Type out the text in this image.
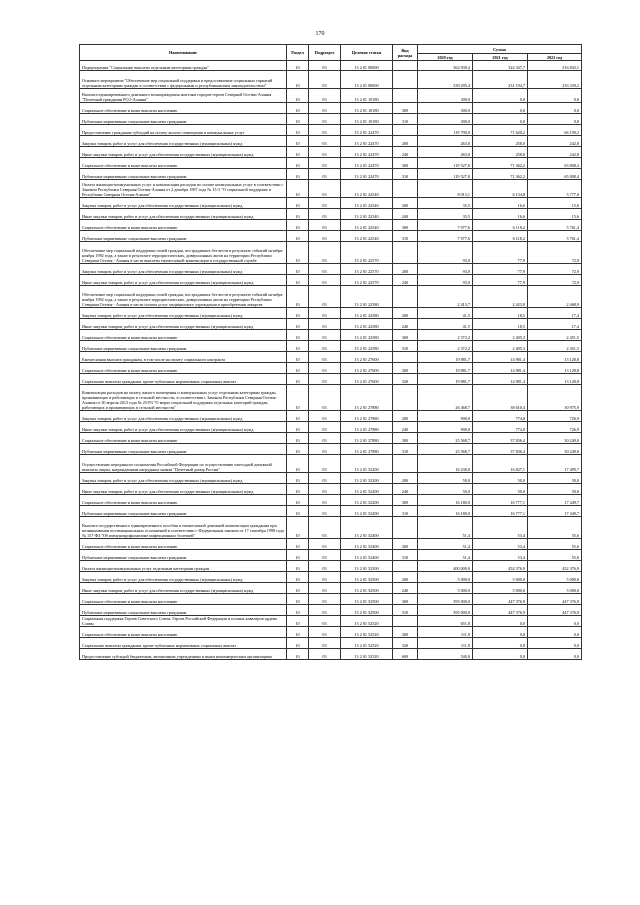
170
Наименование	Раздел	Подраздел	Целевая статья	Вид расхода	Сумма		
					2020 год	2021 год	2022 год
Подпрограмма "Социальные выплаты отдельным категориям граждан"	10	03	13 2 01 00000		362 938,4	324 347,7	316 843,1
Основное мероприятие "Обеспечение мер социальной поддержки и предоставление социальных гарантий отдельным категориям граждан в соответствии с федеральным и республиканским законодательством"	10	03	13 2 01 00000		339 295,4	231 194,7	233 339,2
Выплата единовременного денежного вознаграждения жителям городов-героев Северной Осетии-Алания "Почетный гражданин РСО-Алания"	10	03	13 2 01 10180		300,0	0,0	0,0
Социальное обеспечение и иные выплаты населению	10	03	13 2 01 10180	300	300,0	0,0	0,0
Публичные нормативные социальные выплаты гражданам	10	03	13 2 01 10180	310	300,0	0,0	0,0
Предоставление гражданам субсидий на оплату жилого помещения и коммунальных услуг	10	03	13 2 01 22470		119 790,0	71 620,2	66 190,2
Закупка товаров, работ и услуг для обеспечения государственных (муниципальных) нужд	10	03	13 2 01 22470	200	263,0	258,0	242,8
Иные закупки товаров, работ и услуг для обеспечения государственных (муниципальных) нужд	10	03	13 2 01 22470	240	263,0	258,0	242,8
Социальное обеспечение и иные выплаты населению	10	03	13 2 01 22470	300	119 527,0	71 362,2	65 808,4
Публичные нормативные социальные выплаты гражданам	10	03	13 2 01 22470	310	119 527,0	71 362,2	65 808,4
Оплата жилищно-коммунальных услуг и компенсация расходов по оплате коммунальных услуг в соответствии с Законом Республики Северная Осетия-Алания от 2 декабря 1997 года № 15-3 "О социальной поддержке в Республике Северная Осетия-Алания"	10	03	13 2 01 22540		8 013,1	6 134,8	5 777,0
Закупка товаров, работ и услуг для обеспечения государственных (муниципальных) нужд	10	03	13 2 01 22540	200	35,5	16,6	15,6
Иные закупки товаров, работ и услуг для обеспечения государственных (муниципальных) нужд	10	03	13 2 01 22540	240	35,5	16,6	15,6
Социальное обеспечение и иные выплаты населению	10	03	13 2 01 22540	300	7 977,6	6 118,2	5 761,4
Публичные нормативные социальные выплаты гражданам	10	03	13 2 01 22540	310	7 977,6	6 118,2	5 761,4
Обеспечение мер социальной поддержки семей граждан, пострадавших без вести в результате событий октября-ноября 1992 года, а также в результате террористических, диверсионных актов на территории Республики Северная Осетия - Алания в части выплаты ежемесячной компенсации в государственной службе	10	03	13 2 01 22570		93,0	77,9	72,9
Закупка товаров, работ и услуг для обеспечения государственных (муниципальных) нужд	10	03	13 2 01 22570	200	93,0	77,9	72,9
Иные закупки товаров, работ и услуг для обеспечения государственных (муниципальных) нужд	10	03	13 2 01 22570	240	93,0	77,9	72,9
Обеспечение мер социальной поддержки семей граждан, пострадавших без вести в результате событий октября-ноября 1992 года, а также в результате террористических, диверсионных актов на территории Республики Северная Осетия - Алания в части оплаты услуг медицинского учреждения и приобретения лекарств	10	03	13 2 01 22580		2 413,7	2 423,8	2 468,9
Закупка товаров, работ и услуг для обеспечения государственных (муниципальных) нужд	10	03	13 2 01 22580	200	41,5	18,5	17,4
Иные закупки товаров, работ и услуг для обеспечения государственных (муниципальных) нужд	10	03	13 2 01 22580	240	41,5	18,5	17,4
Социальное обеспечение и иные выплаты населению	10	03	13 2 01 22580	300	2 372,2	2 405,3	2 451,5
Публичные нормативные социальные выплаты гражданам	10	03	13 2 01 22580	310	2 372,2	2 405,3	2 451,5
Ежемесячная выплата гражданам, в том числе на оплату социального контракта	10	03	13 2 01 27600		19 881,7	14 981,4	13 128,8
Социальное обеспечение и иные выплаты населению	10	03	13 2 01 27600	300	19 881,7	14 981,4	13 128,8
Социальные выплаты гражданам, кроме публичных нормативных социальных выплат	10	03	13 2 01 27600	320	19 881,7	14 981,4	13 128,8
Компенсация расходов на оплату жилого помещения и коммунальных услуг отдельным категориям граждан, проживающих и работающих в сельской местности, в соответствии с Законом Республики Северная Осетия-Алания от 30 апреля 2013 года № 25-РЗ "О мерах социальной поддержки отдельных категорий граждан, работающих и проживающих в сельской местности"	10	03	13 2 01 27880		26 468,7	38 610,4	30 975,9
Закупка товаров, работ и услуг для обеспечения государственных (муниципальных) нужд	10	03	13 2 01 27880	200	900,0	774,0	726,9
Иные закупки товаров, работ и услуг для обеспечения государственных (муниципальных) нужд	10	03	13 2 01 27880	240	900,0	774,0	726,9
Социальное обеспечение и иные выплаты населению	10	03	13 2 01 27880	300	25 568,7	37 836,4	30 249,0
Публичные нормативные социальные выплаты гражданам	10	03	13 2 01 27880	310	25 568,7	37 836,4	30 249,0
Осуществление переданного полномочия Российской Федерации по осуществлению ежегодной денежной выплаты лицам, награжденным нагрудным знаком "Почетный донор России"	10	03	13 2 01 52200		16 230,0	16 827,1	17 499,7
Закупка товаров, работ и услуг для обеспечения государственных (муниципальных) нужд	10	03	13 2 01 52200	200	50,0	50,0	50,0
Иные закупки товаров, работ и услуг для обеспечения государственных (муниципальных) нужд	10	03	13 2 01 52200	240	50,0	50,0	50,0
Социальное обеспечение и иные выплаты населению	10	03	13 2 01 52200	300	16 180,0	16 777,1	17 449,7
Публичные нормативные социальные выплаты гражданам	10	03	13 2 01 52200	310	16 180,0	16 777,1	17 449,7
Выплата государственного единовременного пособия и ежемесячной денежной компенсации гражданам при возникновении поствакцинальных осложнений в соответствии с Федеральным законом от 17 сентября 1998 года № 157-ФЗ "Об иммунопрофилактике инфекционных болезней"	10	03	13 2 01 52400		51,4	53,4	55,6
Социальное обеспечение и иные выплаты населению	10	03	13 2 01 52400	300	51,4	53,4	55,6
Публичные нормативные социальные выплаты гражданам	10	03	13 2 01 52400	310	51,4	53,4	55,6
Оплата жилищно-коммунальных услуг отдельным категориям граждан	10	03	13 2 01 52500		400 000,0	452 376,9	452 376,9
Закупка товаров, работ и услуг для обеспечения государственных (муниципальных) нужд	10	03	13 2 01 52500	200	5 000,0	5 000,0	5 000,0
Иные закупки товаров, работ и услуг для обеспечения государственных (муниципальных) нужд	10	03	13 2 01 52500	240	5 000,0	5 000,0	5 000,0
Социальное обеспечение и иные выплаты населению	10	03	13 2 01 52500	300	395 000,0	447 376,9	447 376,9
Публичные нормативные социальные выплаты гражданам	10	03	13 2 01 52500	310	395 000,0	447 376,9	447 376,9
Социальная поддержка Героев Советского Союза, Героев Российской Федерации и полных кавалеров ордена Славы	10	03	13 2 01 52520		651,8	0,0	0,0
Социальное обеспечение и иные выплаты населению	10	03	13 2 01 52520	300	111,9	0,0	0,0
Социальные выплаты гражданам, кроме публичных нормативных социальных выплат	10	03	13 2 01 52520	320	111,9	0,0	0,0
Предоставление субсидий бюджетным, автономным учреждениям и иным некоммерческим организациям	10	03	13 2 01 52520	600	540,0	0,0	0,0
